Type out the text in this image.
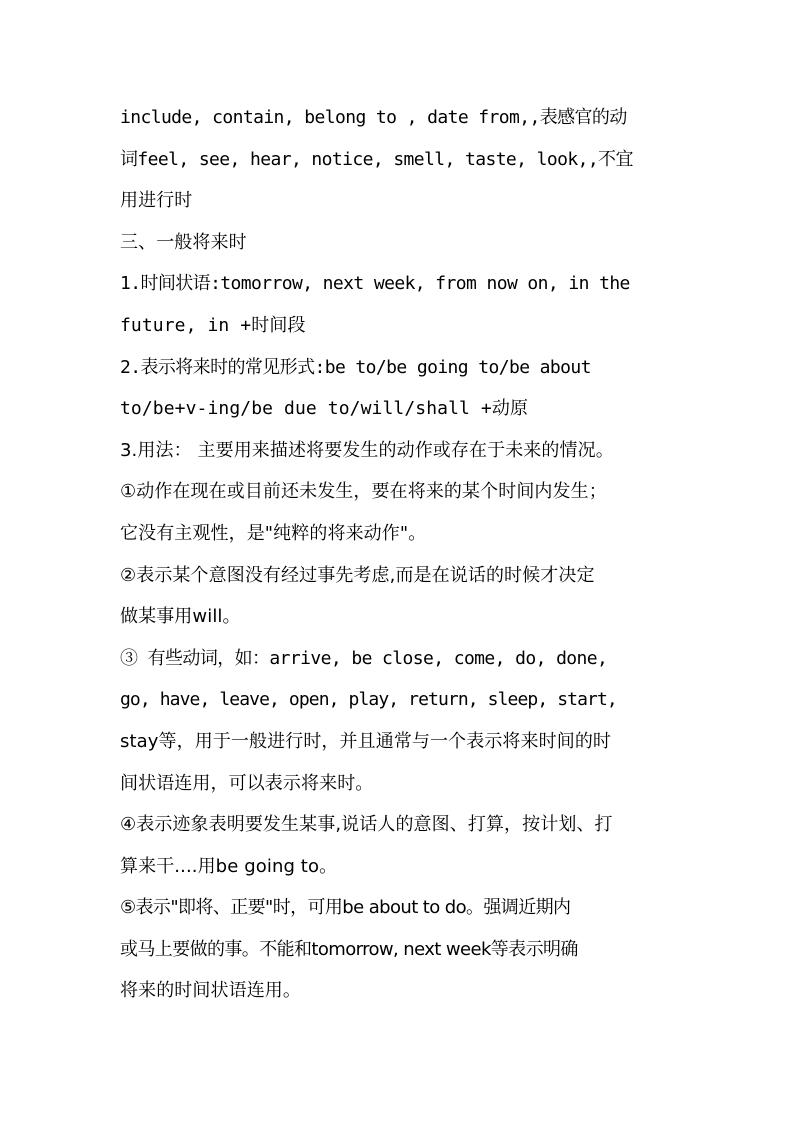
include, contain, belong to , date from,,表感官的动
词feel, see, hear, notice, smell, taste, look,,不宜
用进行时
三、一般将来时
1.时间状语:tomorrow, next week, from now on, in the
future, in +时间段
2.表示将来时的常见形式:be to/be going to/be about
to/be+v-ing/be due to/will/shall +动原
3.用法： 主要用来描述将要发生的动作或存在于未来的情况。
①动作在现在或目前还未发生，要在将来的某个时间内发生；
它没有主观性，是"纯粹的将来动作"。
②表示某个意图没有经过事先考虑,而是在说话的时候才决定
做某事用will。
③ 有些动词，如：arrive, be close, come, do, done,
go, have, leave, open, play, return, sleep, start,
stay等，用于一般进行时，并且通常与一个表示将来时间的时
间状语连用，可以表示将来时。
④表示迹象表明要发生某事,说话人的意图、打算，按计划、打
算来干....用be going to。
⑤表示"即将、正要"时，可用be about to do。强调近期内
或马上要做的事。不能和tomorrow, next week等表示明确
将来的时间状语连用。
